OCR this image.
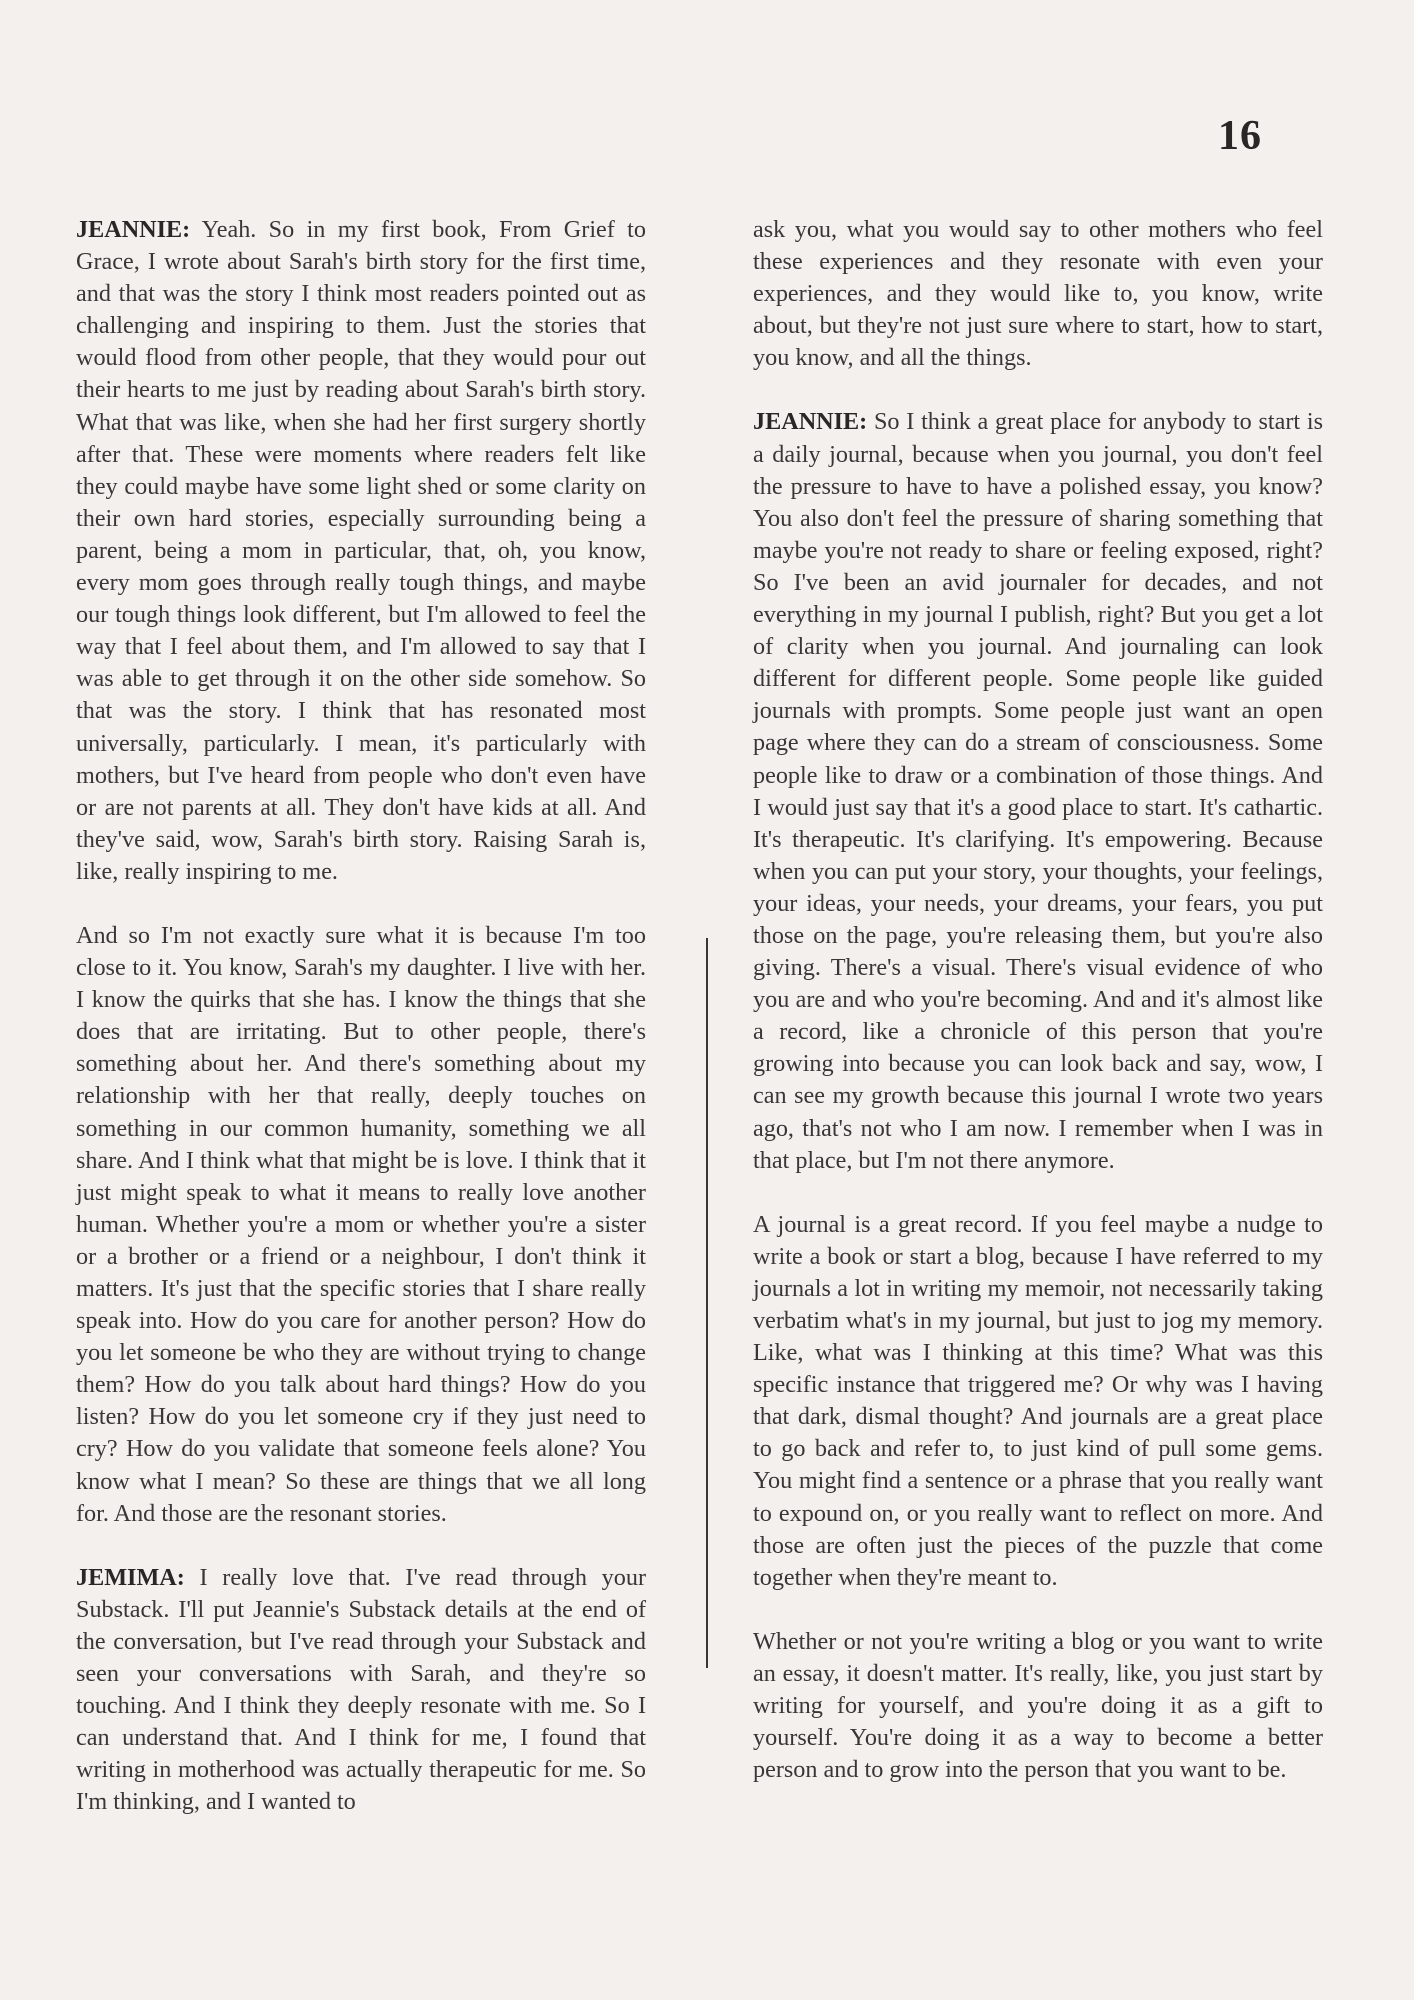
16

JEANNIE: Yeah. So in my first book, From Grief to Grace, I wrote about Sarah's birth story for the first time, and that was the story I think most readers pointed out as challenging and inspiring to them. Just the stories that would flood from other people, that they would pour out their hearts to me just by reading about Sarah's birth story. What that was like, when she had her first surgery shortly after that. These were moments where readers felt like they could maybe have some light shed or some clarity on their own hard stories, especially surrounding being a parent, being a mom in particular, that, oh, you know, every mom goes through really tough things, and maybe our tough things look different, but I'm allowed to feel the way that I feel about them, and I'm allowed to say that I was able to get through it on the other side somehow. So that was the story. I think that has resonated most universally, particularly. I mean, it's particularly with mothers, but I've heard from people who don't even have or are not parents at all. They don't have kids at all. And they've said, wow, Sarah's birth story. Raising Sarah is, like, really inspiring to me.

And so I'm not exactly sure what it is because I'm too close to it. You know, Sarah's my daughter. I live with her. I know the quirks that she has. I know the things that she does that are irritating. But to other people, there's something about her. And there's something about my relationship with her that really, deeply touches on something in our common humanity, something we all share. And I think what that might be is love. I think that it just might speak to what it means to really love another human. Whether you're a mom or whether you're a sister or a brother or a friend or a neighbour, I don't think it matters. It's just that the specific stories that I share really speak into. How do you care for another person? How do you let someone be who they are without trying to change them? How do you talk about hard things? How do you listen? How do you let someone cry if they just need to cry? How do you validate that someone feels alone? You know what I mean? So these are things that we all long for. And those are the resonant stories.

JEMIMA: I really love that. I've read through your Substack. I'll put Jeannie's Substack details at the end of the conversation, but I've read through your Substack and seen your conversations with Sarah, and they're so touching. And I think they deeply resonate with me. So I can understand that. And I think for me, I found that writing in motherhood was actually therapeutic for me. So I'm thinking, and I wanted to

ask you, what you would say to other mothers who feel these experiences and they resonate with even your experiences, and they would like to, you know, write about, but they're not just sure where to start, how to start, you know, and all the things.

JEANNIE: So I think a great place for anybody to start is a daily journal, because when you journal, you don't feel the pressure to have to have a polished essay, you know? You also don't feel the pressure of sharing something that maybe you're not ready to share or feeling exposed, right? So I've been an avid journaler for decades, and not everything in my journal I publish, right? But you get a lot of clarity when you journal. And journaling can look different for different people. Some people like guided journals with prompts. Some people just want an open page where they can do a stream of consciousness. Some people like to draw or a combination of those things. And I would just say that it's a good place to start. It's cathartic. It's therapeutic. It's clarifying. It's empowering. Because when you can put your story, your thoughts, your feelings, your ideas, your needs, your dreams, your fears, you put those on the page, you're releasing them, but you're also giving. There's a visual. There's visual evidence of who you are and who you're becoming. And and it's almost like a record, like a chronicle of this person that you're growing into because you can look back and say, wow, I can see my growth because this journal I wrote two years ago, that's not who I am now. I remember when I was in that place, but I'm not there anymore.

A journal is a great record. If you feel maybe a nudge to write a book or start a blog, because I have referred to my journals a lot in writing my memoir, not necessarily taking verbatim what's in my journal, but just to jog my memory. Like, what was I thinking at this time? What was this specific instance that triggered me? Or why was I having that dark, dismal thought? And journals are a great place to go back and refer to, to just kind of pull some gems. You might find a sentence or a phrase that you really want to expound on, or you really want to reflect on more. And those are often just the pieces of the puzzle that come together when they're meant to.

Whether or not you're writing a blog or you want to write an essay, it doesn't matter. It's really, like, you just start by writing for yourself, and you're doing it as a gift to yourself. You're doing it as a way to become a better person and to grow into the person that you want to be.
